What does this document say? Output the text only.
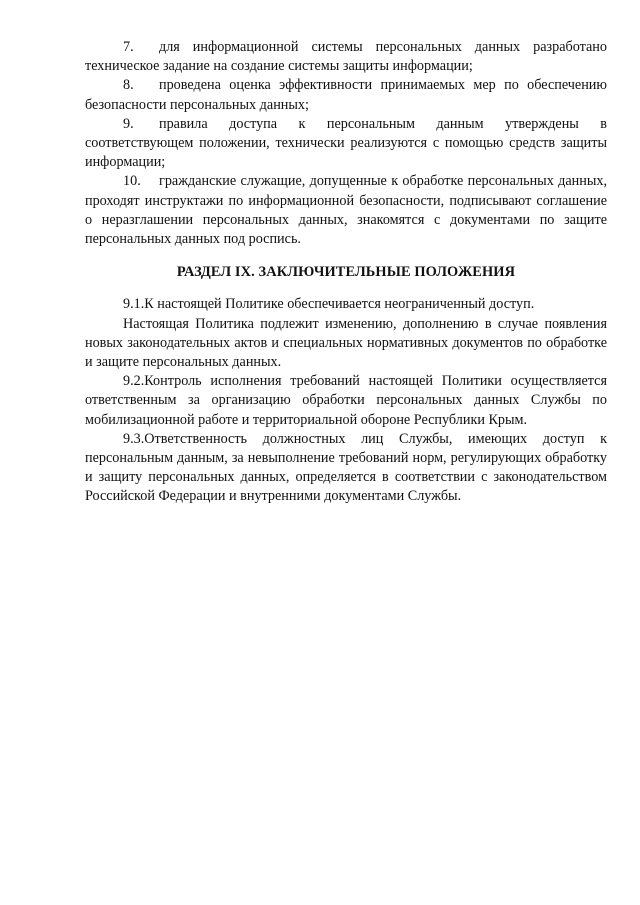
7. для информационной системы персональных данных разработано техническое задание на создание системы защиты информации;

8. проведена оценка эффективности принимаемых мер по обеспечению безопасности персональных данных;

9. правила доступа к персональным данным утверждены в соответствующем положении, технически реализуются с помощью средств защиты информации;

10. гражданские служащие, допущенные к обработке персональных данных, проходят инструктажи по информационной безопасности, подписывают соглашение о неразглашении персональных данных, знакомятся с документами по защите персональных данных под роспись.

РАЗДЕЛ IX. ЗАКЛЮЧИТЕЛЬНЫЕ ПОЛОЖЕНИЯ

9.1.К настоящей Политике обеспечивается неограниченный доступ.

Настоящая Политика подлежит изменению, дополнению в случае появления новых законодательных актов и специальных нормативных документов по обработке и защите персональных данных.

9.2.Контроль исполнения требований настоящей Политики осуществляется ответственным за организацию обработки персональных данных Службы по мобилизационной работе и территориальной обороне Республики Крым.

9.3.Ответственность должностных лиц Службы, имеющих доступ к персональным данным, за невыполнение требований норм, регулирующих обработку и защиту персональных данных, определяется в соответствии с законодательством Российской Федерации и внутренними документами Службы.
